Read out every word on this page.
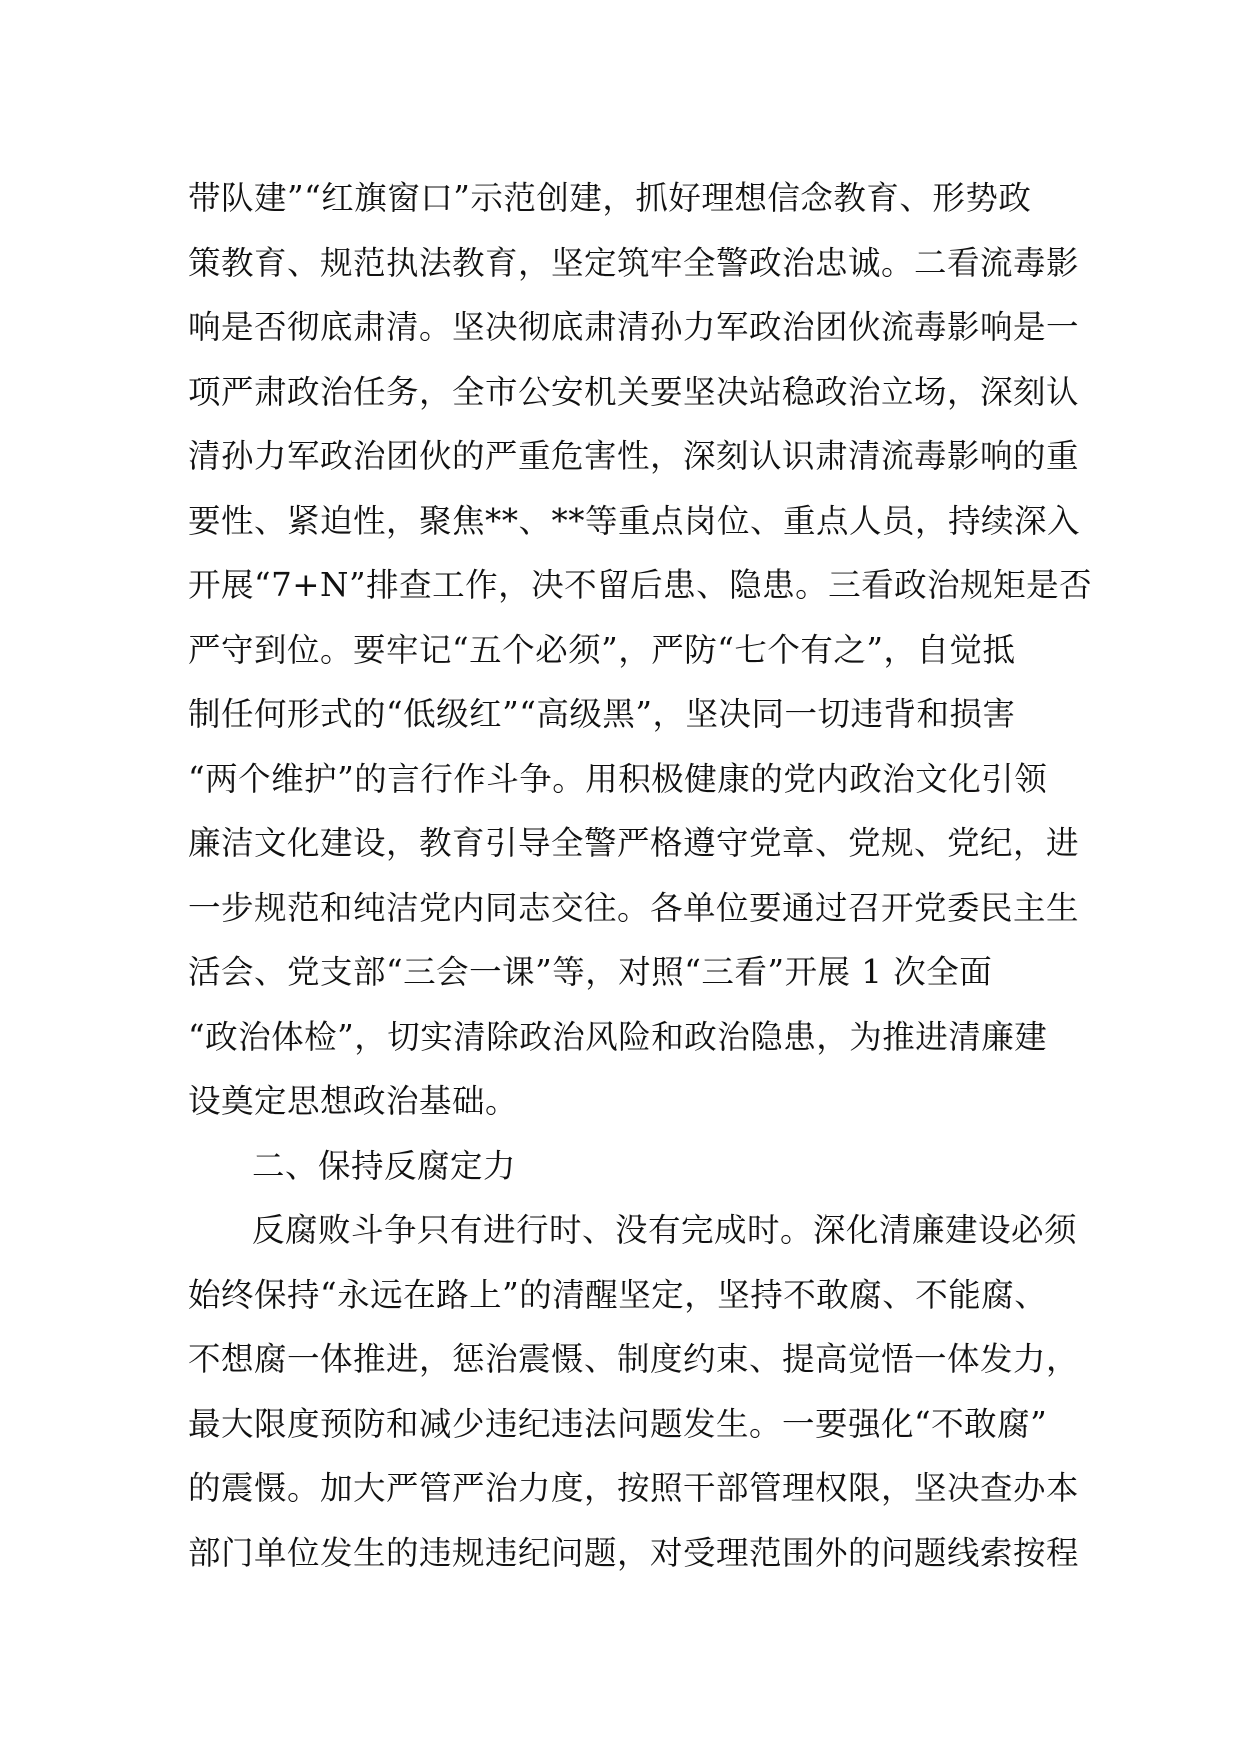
带队建”“红旗窗口”示范创建，抓好理想信念教育、形势政
策教育、规范执法教育，坚定筑牢全警政治忠诚。二看流毒影
响是否彻底肃清。坚决彻底肃清孙力军政治团伙流毒影响是一
项严肃政治任务，全市公安机关要坚决站稳政治立场，深刻认
清孙力军政治团伙的严重危害性，深刻认识肃清流毒影响的重
要性、紧迫性，聚焦**、**等重点岗位、重点人员，持续深入
开展“7+N”排查工作，决不留后患、隐患。三看政治规矩是否
严守到位。要牢记“五个必须”，严防“七个有之”，自觉抵
制任何形式的“低级红”“高级黑”，坚决同一切违背和损害
“两个维护”的言行作斗争。用积极健康的党内政治文化引领
廉洁文化建设，教育引导全警严格遵守党章、党规、党纪，进
一步规范和纯洁党内同志交往。各单位要通过召开党委民主生
活会、党支部“三会一课”等，对照“三看”开展 1 次全面
“政治体检”，切实清除政治风险和政治隐患，为推进清廉建
设奠定思想政治基础。
二、保持反腐定力
反腐败斗争只有进行时、没有完成时。深化清廉建设必须
始终保持“永远在路上”的清醒坚定，坚持不敢腐、不能腐、
不想腐一体推进，惩治震慑、制度约束、提高觉悟一体发力，
最大限度预防和减少违纪违法问题发生。一要强化“不敢腐”
的震慑。加大严管严治力度，按照干部管理权限，坚决查办本
部门单位发生的违规违纪问题，对受理范围外的问题线索按程
